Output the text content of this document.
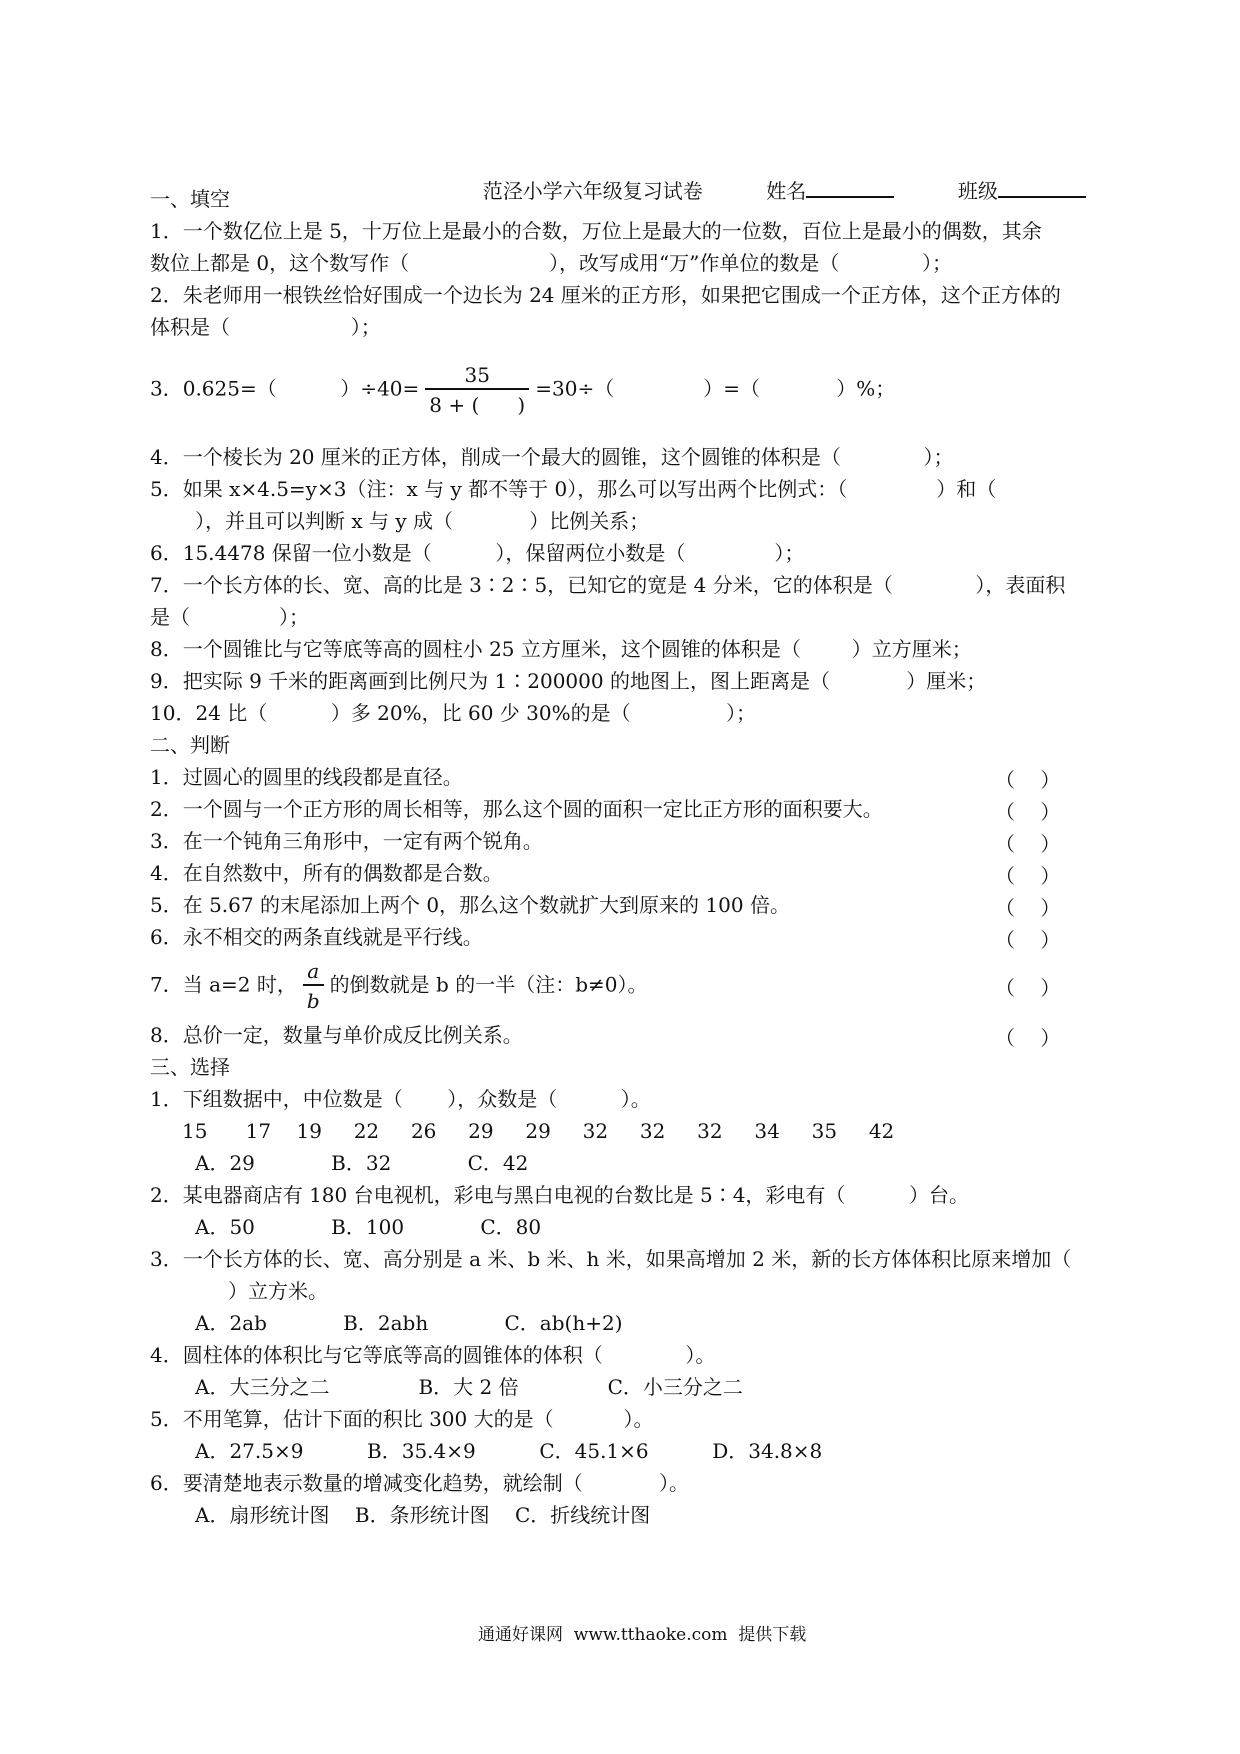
范泾小学六年级复习试卷	姓名	班级

一、填空
1．一个数亿位上是 5，十万位上是最小的合数，万位上是最大的一位数，百位上是最小的偶数，其余
数位上都是 0，这个数写作（                      ），改写成用“万”作单位的数是（             ）；
2．朱老师用一根铁丝恰好围成一个边长为 24 厘米的正方形，如果把它围成一个正方体，这个正方体的
体积是（                   ）；
3．0.625=（          ）$\div 40= \frac{35}{8 + ( )} =30\div$（              ）=（            ）%；
4．一个棱长为 20 厘米的正方体，削成一个最大的圆锥，这个圆锥的体积是（             ）；
5．如果 x×4.5=y×3（注：x 与 y 都不等于 0），那么可以写出两个比例式：（              ）和（
），并且可以判断 x 与 y 成（            ）比例关系；
6．15.4478 保留一位小数是（          ），保留两位小数是（              ）；
7．一个长方体的长、宽、高的比是 3∶2∶5，已知它的宽是 4 分米，它的体积是（             ），表面积
是（              ）；
8．一个圆锥比与它等底等高的圆柱小 25 立方厘米，这个圆锥的体积是（        ）立方厘米；
9．把实际 9 千米的距离画到比例尺为 1∶200000 的地图上，图上距离是（            ）厘米；
10．24 比（          ）多 20%，比 60 少 30%的是（               ）；
二、判断
1．过圆心的圆里的线段都是直径。	（    ）
2．一个圆与一个正方形的周长相等，那么这个圆的面积一定比正方形的面积要大。	（    ）
3．在一个钝角三角形中，一定有两个锐角。	（    ）
4．在自然数中，所有的偶数都是合数。	（    ）
5．在 5.67 的末尾添加上两个 0，那么这个数就扩大到原来的 100 倍。	（    ）
6．永不相交的两条直线就是平行线。	（    ）
7．当 a=2 时， $\frac{a}{b}$ 的倒数就是 b 的一半（注：b≠0）。	（    ）
8．总价一定，数量与单价成反比例关系。	（    ）
三、选择
1．下组数据中，中位数是（       ），众数是（          ）。
15      17    19     22     26     29     29     32     32     32     34     35     42
A．29            B．32            C．42
2．某电器商店有 180 台电视机，彩电与黑白电视的台数比是 5∶4，彩电有（          ）台。
A．50            B．100            C．80
3．一个长方体的长、宽、高分别是 a 米、b 米、h 米，如果高增加 2 米，新的长方体体积比原来增加（
）立方米。
A．2ab            B．2abh            C．ab(h+2)
4．圆柱体的体积比与它等底等高的圆锥体的体积（             ）。
A．大三分之二              B．大 2 倍              C．小三分之二
5．不用笔算，估计下面的积比 300 大的是（           ）。
A．27.5×9          B．35.4×9          C．45.1×6          D．34.8×8
6．要清楚地表示数量的增减变化趋势，就绘制（            ）。
A．扇形统计图    B．条形统计图    C．折线统计图
通通好课网  www.tthaoke.com  提供下载
